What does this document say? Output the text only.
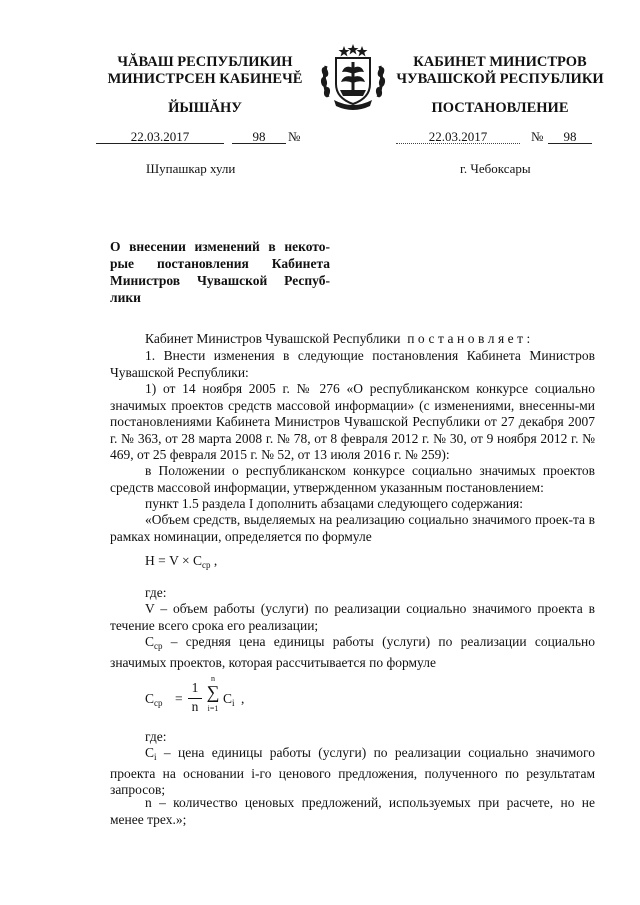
ЧĂВАШ РЕСПУБЛИКИН
МИНИСТРСЕН КАБИНЕЧĔ
ЙЫШĂНУ
КАБИНЕТ МИНИСТРОВ
ЧУВАШСКОЙ РЕСПУБЛИКИ
ПОСТАНОВЛЕНИЕ
22.03.2017	98	№	22.03.2017	№	98
Шупашкар хули	г. Чебоксары
О внесении изменений в некото-
рые постановления Кабинета
Министров Чувашской Респуб-
лики
Кабинет Министров Чувашской Республики постановляет:
1. Внести изменения в следующие постановления Кабинета Министров Чувашской Республики:
1) от 14 ноября 2005 г. № 276 «О республиканском конкурсе социально значимых проектов средств массовой информации» (с изменениями, внесенны-ми постановлениями Кабинета Министров Чувашской Республики от 27 декабря 2007 г. № 363, от 28 марта 2008 г. № 78, от 8 февраля 2012 г. № 30, от 9 ноября 2012 г. № 469, от 25 февраля 2015 г. № 52, от 13 июля 2016 г. № 259):
в Положении о республиканском конкурсе социально значимых проектов средств массовой информации, утвержденном указанным постановлением:
пункт 1.5 раздела I дополнить абзацами следующего содержания:
«Объем средств, выделяемых на реализацию социально значимого проек-та в рамках номинации, определяется по формуле
$Н = V \times С_{ср}$ ,
где:
V – объем работы (услуги) по реализации социально значимого проекта в течение всего срока его реализации;
$С_{ср}$ – средняя цена единицы работы (услуги) по реализации социально значимых проектов, которая рассчитывается по формуле
$С_{ср}$ =
1
n
n
∑
i=1
$С_i$ ,
где:
$С_i$ – цена единицы работы (услуги) по реализации социально значимого проекта на основании i-го ценового предложения, полученного по результатам запросов;
n – количество ценовых предложений, используемых при расчете, но не менее трех.»;
